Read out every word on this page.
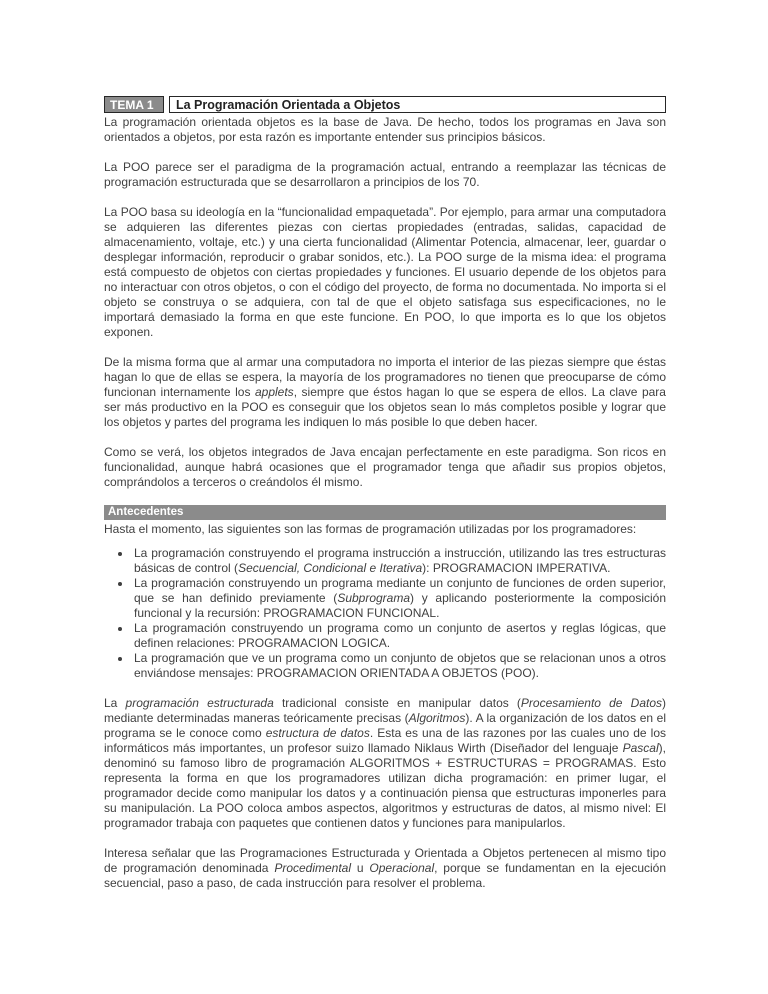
TEMA 1	La Programación Orientada a Objetos

La programación orientada objetos es la base de Java. De hecho, todos los programas en Java son orientados a objetos, por esta razón es importante entender sus principios básicos.

La POO parece ser el paradigma de la programación actual, entrando a reemplazar las técnicas de programación estructurada que se desarrollaron a principios de los 70.

La POO basa su ideología en la “funcionalidad empaquetada”. Por ejemplo, para armar una computadora se adquieren las diferentes piezas con ciertas propiedades (entradas, salidas, capacidad de almacenamiento, voltaje, etc.) y una cierta funcionalidad (Alimentar Potencia, almacenar, leer, guardar o desplegar información, reproducir o grabar sonidos, etc.). La POO surge de la misma idea: el programa está compuesto de objetos con ciertas propiedades y funciones. El usuario depende de los objetos para no interactuar con otros objetos, o con el código del proyecto, de forma no documentada. No importa si el objeto se construya o se adquiera, con tal de que el objeto satisfaga sus especificaciones, no le importará demasiado la forma en que este funcione. En POO, lo que importa es lo que los objetos exponen.

De la misma forma que al armar una computadora no importa el interior de las piezas siempre que éstas hagan lo que de ellas se espera, la mayoría de los programadores no tienen que preocuparse de cómo funcionan internamente los applets, siempre que éstos hagan lo que se espera de ellos. La clave para ser más productivo en la POO es conseguir que los objetos sean lo más completos posible y lograr que los objetos y partes del programa les indiquen lo más posible lo que deben hacer.

Como se verá, los objetos integrados de Java encajan perfectamente en este paradigma. Son ricos en funcionalidad, aunque habrá ocasiones que el programador tenga que añadir sus propios objetos, comprándolos a terceros o creándolos él mismo.

Antecedentes

Hasta el momento, las siguientes son las formas de programación utilizadas por los programadores:

• La programación construyendo el programa instrucción a instrucción, utilizando las tres estructuras básicas de control (Secuencial, Condicional e Iterativa): PROGRAMACION IMPERATIVA.
• La programación construyendo un programa mediante un conjunto de funciones de orden superior, que se han definido previamente (Subprograma) y aplicando posteriormente la composición funcional y la recursión: PROGRAMACION FUNCIONAL.
• La programación construyendo un programa como un conjunto de asertos y reglas lógicas, que definen relaciones: PROGRAMACION LOGICA.
• La programación que ve un programa como un conjunto de objetos que se relacionan unos a otros enviándose mensajes: PROGRAMACION ORIENTADA A OBJETOS (POO).

La programación estructurada tradicional consiste en manipular datos (Procesamiento de Datos) mediante determinadas maneras teóricamente precisas (Algoritmos). A la organización de los datos en el programa se le conoce como estructura de datos. Esta es una de las razones por las cuales uno de los informáticos más importantes, un profesor suizo llamado Niklaus Wirth (Diseñador del lenguaje Pascal), denominó su famoso libro de programación ALGORITMOS + ESTRUCTURAS = PROGRAMAS. Esto representa la forma en que los programadores utilizan dicha programación: en primer lugar, el programador decide como manipular los datos y a continuación piensa que estructuras imponerles para su manipulación. La POO coloca ambos aspectos, algoritmos y estructuras de datos, al mismo nivel: El programador trabaja con paquetes que contienen datos y funciones para manipularlos.

Interesa señalar que las Programaciones Estructurada y Orientada a Objetos pertenecen al mismo tipo de programación denominada Procedimental u Operacional, porque se fundamentan en la ejecución secuencial, paso a paso, de cada instrucción para resolver el problema.
